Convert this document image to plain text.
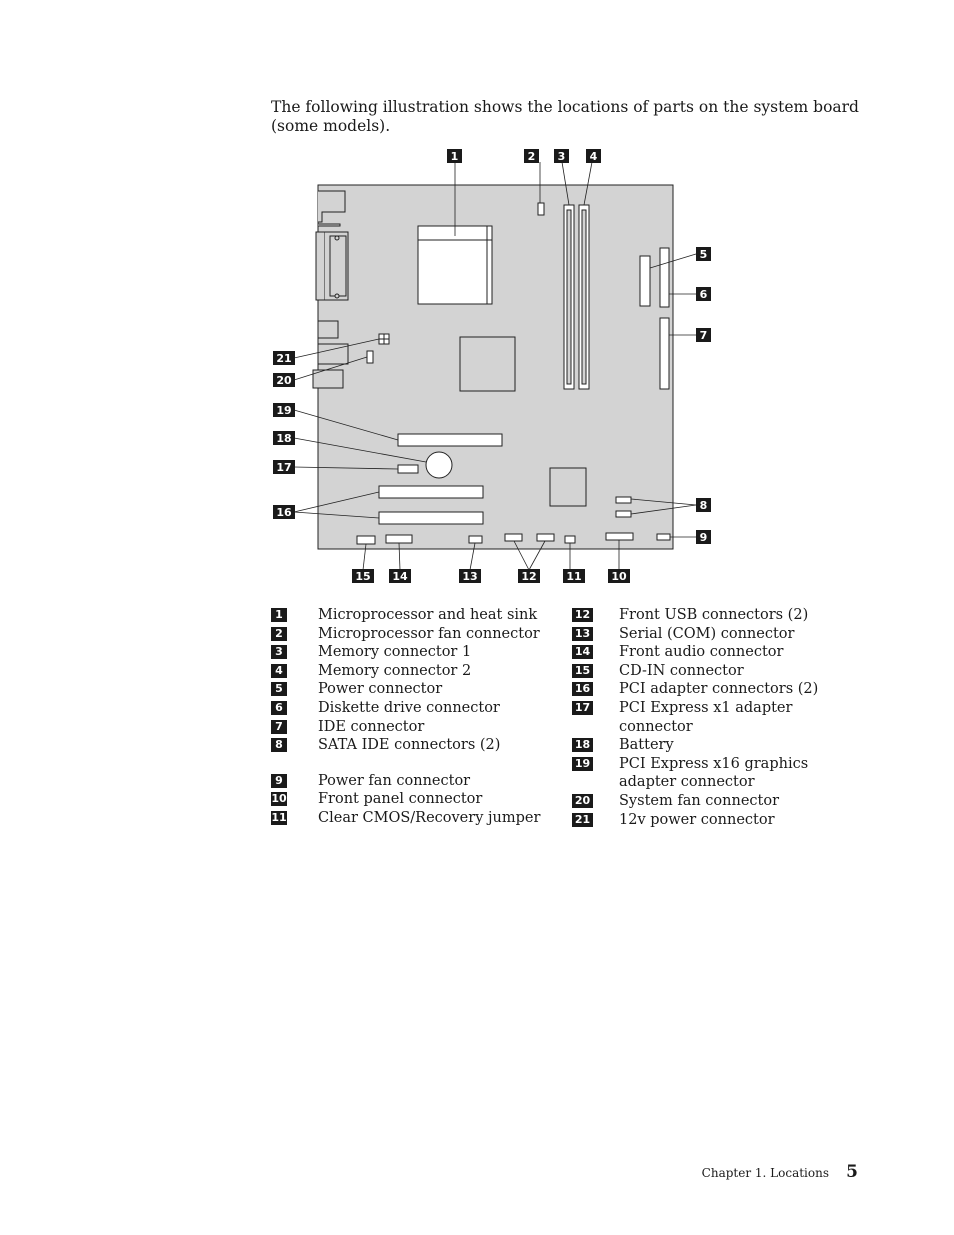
The following illustration shows the locations of parts on the system board (some models).

1	2 3 4
5
6
7
8
9
10
11
12
13
14
15
16
17
18
19
20
21
1 Microprocessor and heat sink
2 Microprocessor fan connector
3 Memory connector 1
4 Memory connector 2
5 Power connector
6 Diskette drive connector
7 IDE connector
8 SATA IDE connectors (2)
9 Power fan connector
10 Front panel connector
11 Clear CMOS/Recovery jumper
12 Front USB connectors (2)
13 Serial (COM) connector
14 Front audio connector
15 CD-IN connector
16 PCI adapter connectors (2)
17 PCI Express x1 adapter connector
18 Battery
19 PCI Express x16 graphics adapter connector
20 System fan connector
21 12v power connector
Chapter 1. Locations 5
